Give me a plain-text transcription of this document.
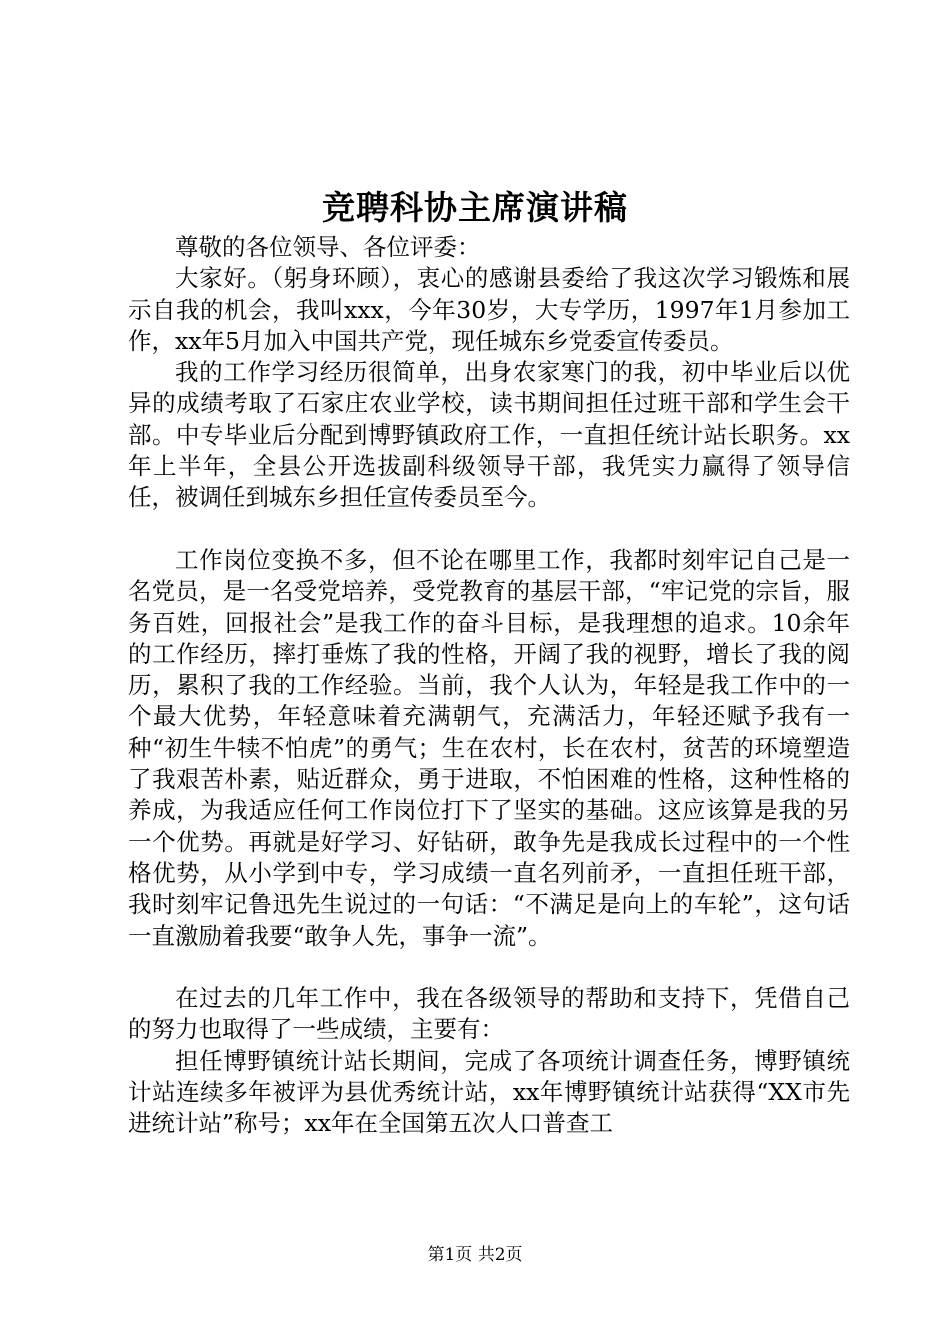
竞聘科协主席演讲稿

尊敬的各位领导、各位评委：

大家好。（躬身环顾），衷心的感谢县委给了我这次学习锻炼和展示自我的机会，我叫xxx，今年30岁，大专学历，1997年1月参加工作，xx年5月加入中国共产党，现任城东乡党委宣传委员。

我的工作学习经历很简单，出身农家寒门的我，初中毕业后以优异的成绩考取了石家庄农业学校，读书期间担任过班干部和学生会干部。中专毕业后分配到博野镇政府工作，一直担任统计站长职务。xx年上半年，全县公开选拔副科级领导干部，我凭实力赢得了领导信任，被调任到城东乡担任宣传委员至今。

工作岗位变换不多，但不论在哪里工作，我都时刻牢记自己是一名党员，是一名受党培养，受党教育的基层干部，“牢记党的宗旨，服务百姓，回报社会”是我工作的奋斗目标，是我理想的追求。10余年的工作经历，摔打垂炼了我的性格，开阔了我的视野，增长了我的阅历，累积了我的工作经验。当前，我个人认为，年轻是我工作中的一个最大优势，年轻意味着充满朝气，充满活力，年轻还赋予我有一种“初生牛犊不怕虎”的勇气；生在农村，长在农村，贫苦的环境塑造了我艰苦朴素，贴近群众，勇于进取，不怕困难的性格，这种性格的养成，为我适应任何工作岗位打下了坚实的基础。这应该算是我的另一个优势。再就是好学习、好钻研，敢争先是我成长过程中的一个性格优势，从小学到中专，学习成绩一直名列前矛，一直担任班干部，我时刻牢记鲁迅先生说过的一句话：“不满足是向上的车轮”，这句话一直激励着我要“敢争人先，事争一流”。

在过去的几年工作中，我在各级领导的帮助和支持下，凭借自己的努力也取得了一些成绩，主要有：

担任博野镇统计站长期间，完成了各项统计调查任务，博野镇统计站连续多年被评为县优秀统计站，xx年博野镇统计站获得“XX市先进统计站”称号；xx年在全国第五次人口普查工

第1页 共2页
